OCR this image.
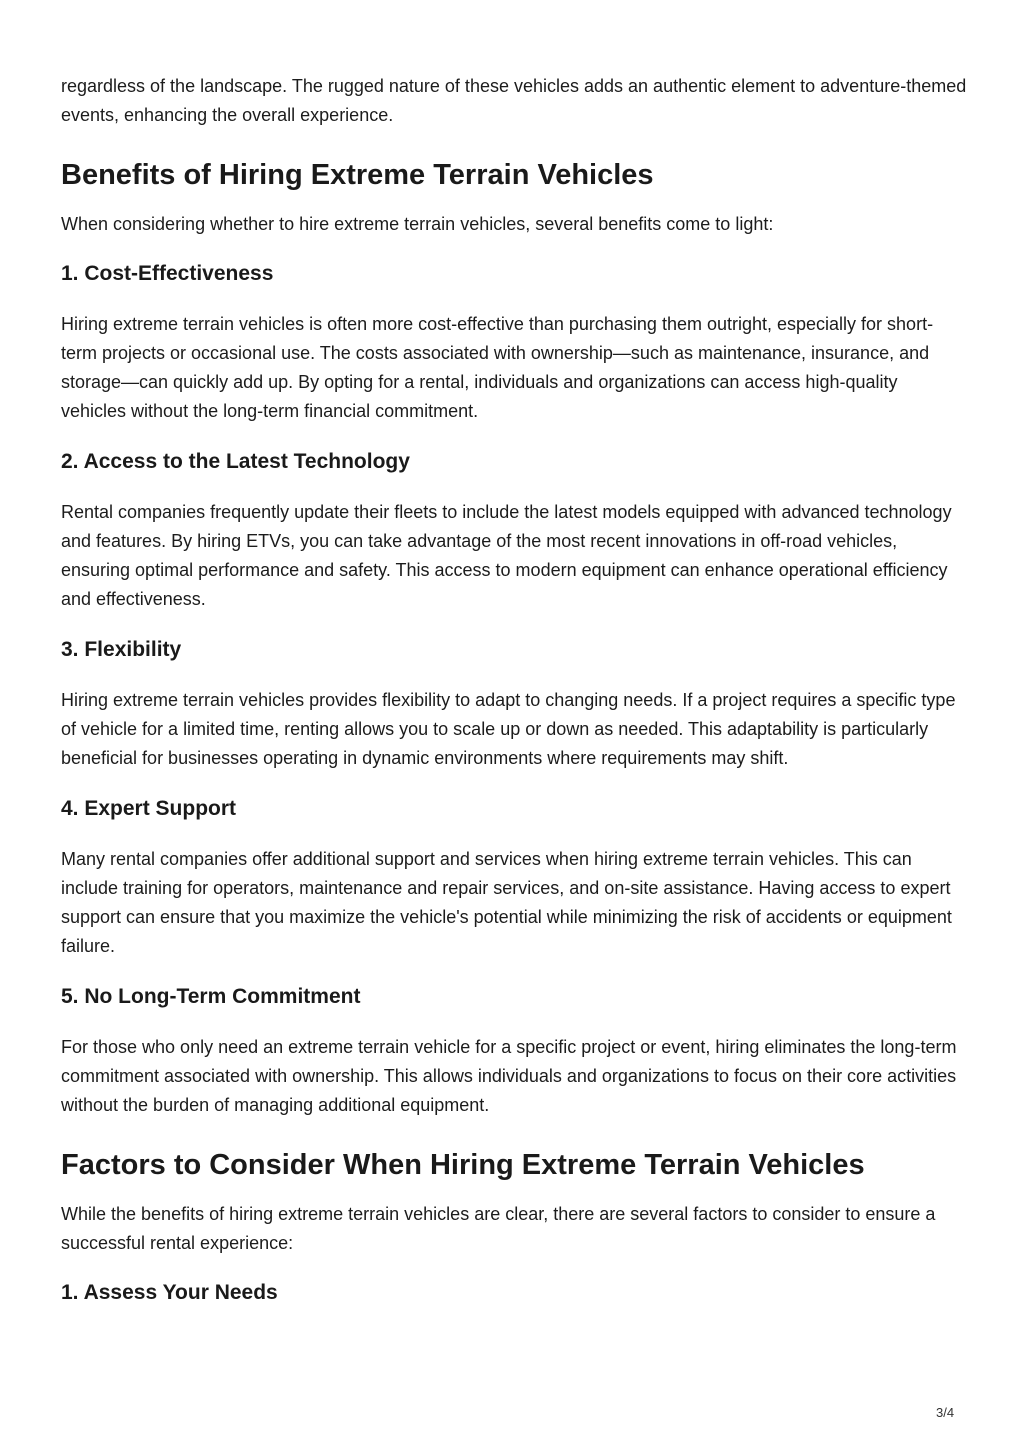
regardless of the landscape. The rugged nature of these vehicles adds an authentic element to adventure-themed events, enhancing the overall experience.

Benefits of Hiring Extreme Terrain Vehicles

When considering whether to hire extreme terrain vehicles, several benefits come to light:

1. Cost-Effectiveness

Hiring extreme terrain vehicles is often more cost-effective than purchasing them outright, especially for short-term projects or occasional use. The costs associated with ownership—such as maintenance, insurance, and storage—can quickly add up. By opting for a rental, individuals and organizations can access high-quality vehicles without the long-term financial commitment.

2. Access to the Latest Technology

Rental companies frequently update their fleets to include the latest models equipped with advanced technology and features. By hiring ETVs, you can take advantage of the most recent innovations in off-road vehicles, ensuring optimal performance and safety. This access to modern equipment can enhance operational efficiency and effectiveness.

3. Flexibility

Hiring extreme terrain vehicles provides flexibility to adapt to changing needs. If a project requires a specific type of vehicle for a limited time, renting allows you to scale up or down as needed. This adaptability is particularly beneficial for businesses operating in dynamic environments where requirements may shift.

4. Expert Support

Many rental companies offer additional support and services when hiring extreme terrain vehicles. This can include training for operators, maintenance and repair services, and on-site assistance. Having access to expert support can ensure that you maximize the vehicle's potential while minimizing the risk of accidents or equipment failure.

5. No Long-Term Commitment

For those who only need an extreme terrain vehicle for a specific project or event, hiring eliminates the long-term commitment associated with ownership. This allows individuals and organizations to focus on their core activities without the burden of managing additional equipment.

Factors to Consider When Hiring Extreme Terrain Vehicles

While the benefits of hiring extreme terrain vehicles are clear, there are several factors to consider to ensure a successful rental experience:

1. Assess Your Needs
3/4
